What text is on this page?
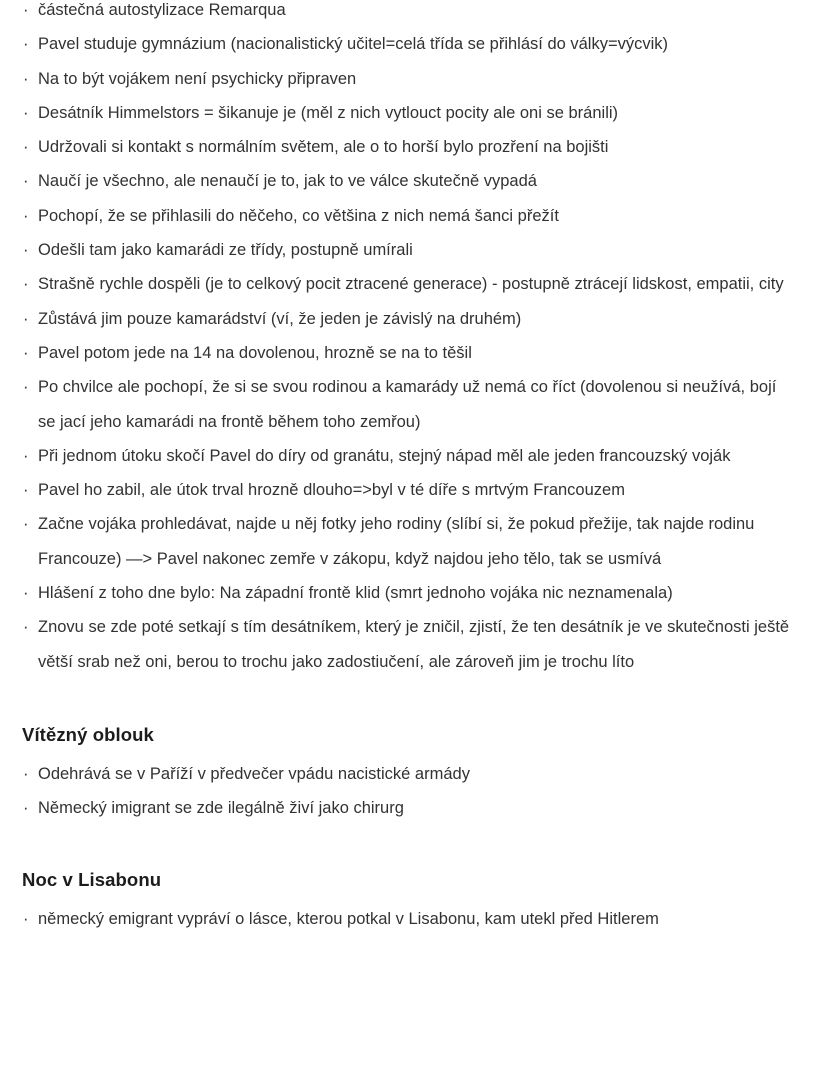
· částečná autostylizace Remarqua
· Pavel studuje gymnázium (nacionalistický učitel=celá třída se přihlásí do války=výcvik)
· Na to být vojákem není psychicky připraven
· Desátník Himmelstors = šikanuje je (měl z nich vytlouct pocity ale oni se bránili)
· Udržovali si kontakt s normálním světem, ale o to horší bylo prozření na bojišti
· Naučí je všechno, ale nenaučí je to, jak to ve válce skutečně vypadá
· Pochopí, že se přihlasili do něčeho, co většina z nich nemá šanci přežít
· Odešli tam jako kamarádi ze třídy, postupně umírali
· Strašně rychle dospěli (je to celkový pocit ztracené generace) - postupně ztrácejí lidskost, empatii, city
· Zůstává jim pouze kamarádství (ví, že jeden je závislý na druhém)
· Pavel potom jede na 14 na dovolenou, hrozně se na to těšil
· Po chvilce ale pochopí, že si se svou rodinou a kamarády už nemá co říct (dovolenou si neužívá, bojí se jací jeho kamarádi na frontě během toho zemřou)
· Při jednom útoku skočí Pavel do díry od granátu, stejný nápad měl ale jeden francouzský voják
· Pavel ho zabil, ale útok trval hrozně dlouho=>byl v té díře s mrtvým Francouzem
· Začne vojáka prohledávat, najde u něj fotky jeho rodiny (slíbí si, že pokud přežije, tak najde rodinu Francouze) —> Pavel nakonec zemře v zákopu, když najdou jeho tělo, tak se usmívá
· Hlášení z toho dne bylo: Na západní frontě klid (smrt jednoho vojáka nic neznamenala)
· Znovu se zde poté setkají s tím desátníkem, který je zničil, zjistí, že ten desátník je ve skutečnosti ještě větší srab než oni, berou to trochu jako zadostiučení, ale zároveň jim je trochu líto
Vítězný oblouk
· Odehrává se v Paříží v předvečer vpádu nacistické armády
· Německý imigrant se zde ilegálně živí jako chirurg
Noc v Lisabonu
· německý emigrant vypráví o lásce, kterou potkal v Lisabonu, kam utekl před Hitlerem
